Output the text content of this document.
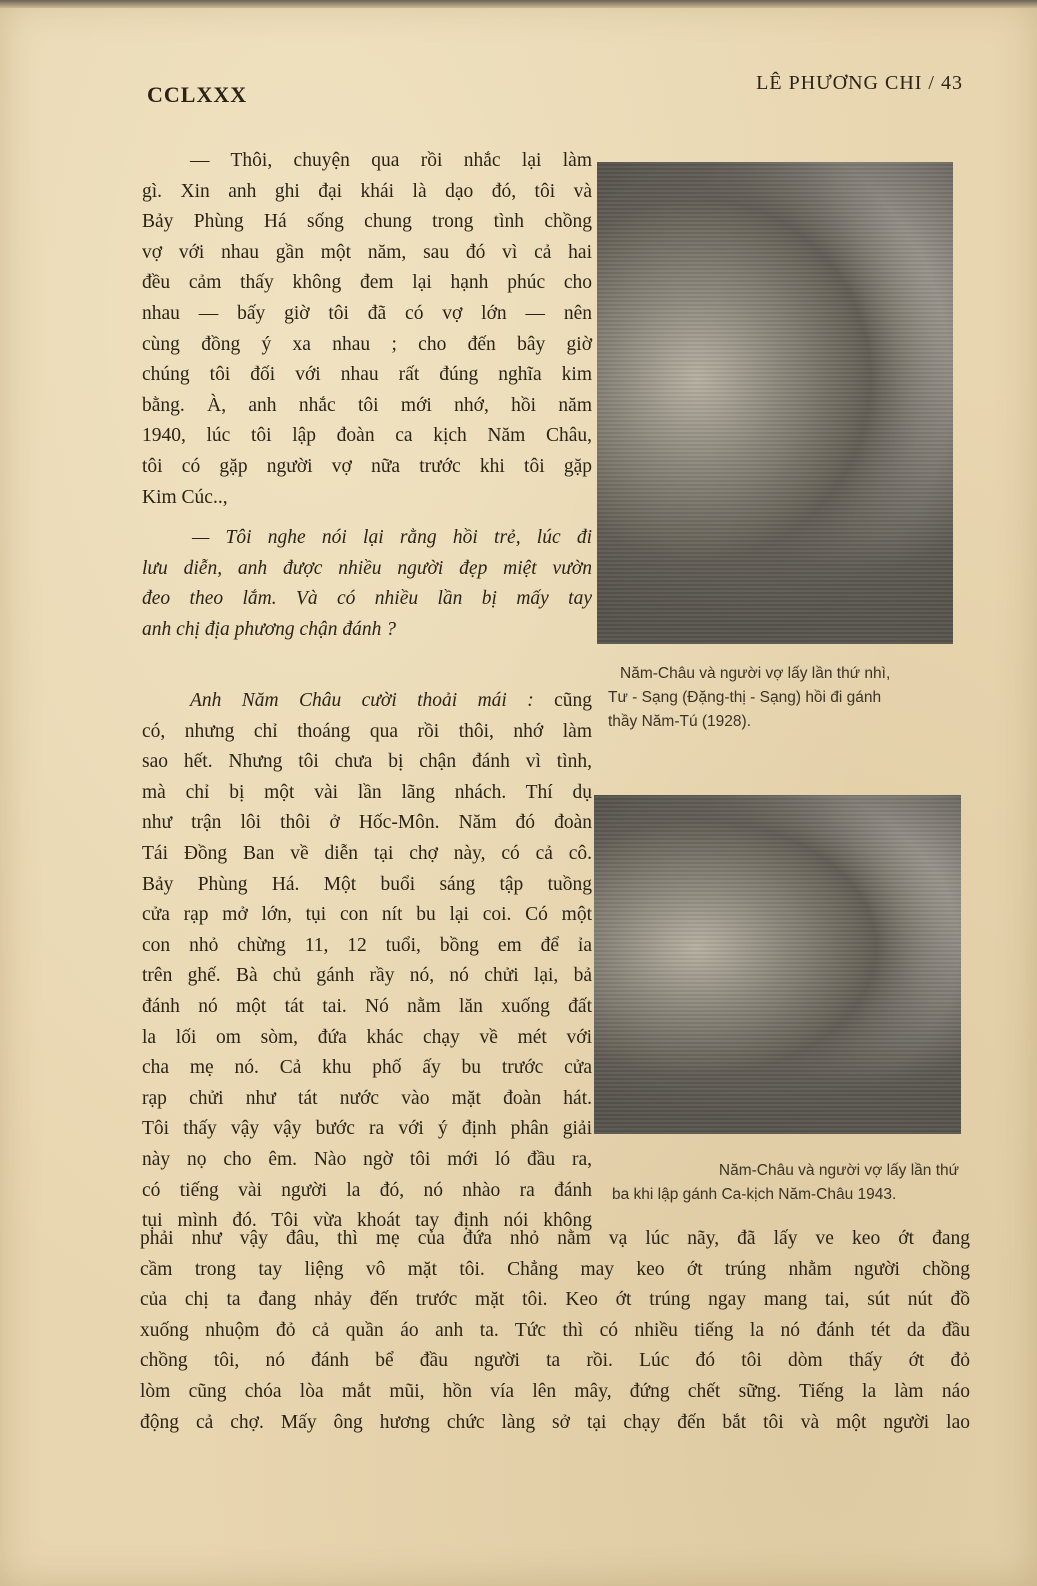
CCLXXX	LÊ PHƯƠNG CHI / 43
— Thôi, chuyện qua rồi nhắc lại làm
gì. Xin anh ghi đại khái là dạo đó, tôi và
Bảy Phùng Há sống chung trong tình chồng
vợ với nhau gần một năm, sau đó vì cả hai
đều cảm thấy không đem lại hạnh phúc cho
nhau — bấy giờ tôi đã có vợ lớn — nên
cùng đồng ý xa nhau ; cho đến bây giờ
chúng tôi đối với nhau rất đúng nghĩa kim
bằng. À, anh nhắc tôi mới nhớ, hồi năm
1940, lúc tôi lập đoàn ca kịch Năm Châu,
tôi có gặp người vợ nữa trước khi tôi gặp
Kim Cúc..,
— Tôi nghe nói lại rằng hồi trẻ, lúc đi
lưu diễn, anh được nhiều người đẹp miệt vườn
đeo theo lắm. Và có nhiều lần bị mấy tay
anh chị địa phương chận đánh ?
Anh Năm Châu cười thoải mái : cũng
có, nhưng chỉ thoáng qua rồi thôi, nhớ làm
sao hết. Nhưng tôi chưa bị chận đánh vì tình,
mà chỉ bị một vài lần lãng nhách. Thí dụ
như trận lôi thôi ở Hốc-Môn. Năm đó đoàn
Tái Đồng Ban về diễn tại chợ này, có cả cô.
Bảy Phùng Há. Một buổi sáng tập tuồng
cửa rạp mở lớn, tụi con nít bu lại coi. Có một
con nhỏ chừng 11, 12 tuổi, bồng em để ỉa
trên ghế. Bà chủ gánh rầy nó, nó chửi lại, bả
đánh nó một tát tai. Nó nằm lăn xuống đất
la lối om sòm, đứa khác chạy về mét với
cha mẹ nó. Cả khu phố ấy bu trước cửa
rạp chửi như tát nước vào mặt đoàn hát.
Tôi thấy vậy vậy bước ra với ý định phân giải
này nọ cho êm. Nào ngờ tôi mới ló đầu ra,
có tiếng vài người la đó, nó nhào ra đánh
tụi mình đó. Tôi vừa khoát tay định nói không
phải như vậy đâu, thì mẹ của đứa nhỏ nằm vạ lúc nãy, đã lấy ve keo ớt đang
cầm trong tay liệng vô mặt tôi. Chẳng may keo ớt trúng nhằm người chồng
của chị ta đang nhảy đến trước mặt tôi. Keo ớt trúng ngay mang tai, sút nút đồ
xuống nhuộm đỏ cả quần áo anh ta. Tức thì có nhiều tiếng la nó đánh tét da đầu
chồng tôi, nó đánh bể đầu người ta rồi. Lúc đó tôi dòm thấy ớt đỏ
lòm cũng chóa lòa mắt mũi, hồn vía lên mây, đứng chết sững. Tiếng la làm náo
động cả chợ. Mấy ông hương chức làng sở tại chạy đến bắt tôi và một người lao
Năm-Châu và người vợ lấy lần thứ nhì,
Tư - Sạng (Đặng-thị - Sạng) hồi đi gánh
thầy Năm-Tú (1928).
Năm-Châu và người vợ lấy lần thứ
ba khi lập gánh Ca-kịch Năm-Châu 1943.
